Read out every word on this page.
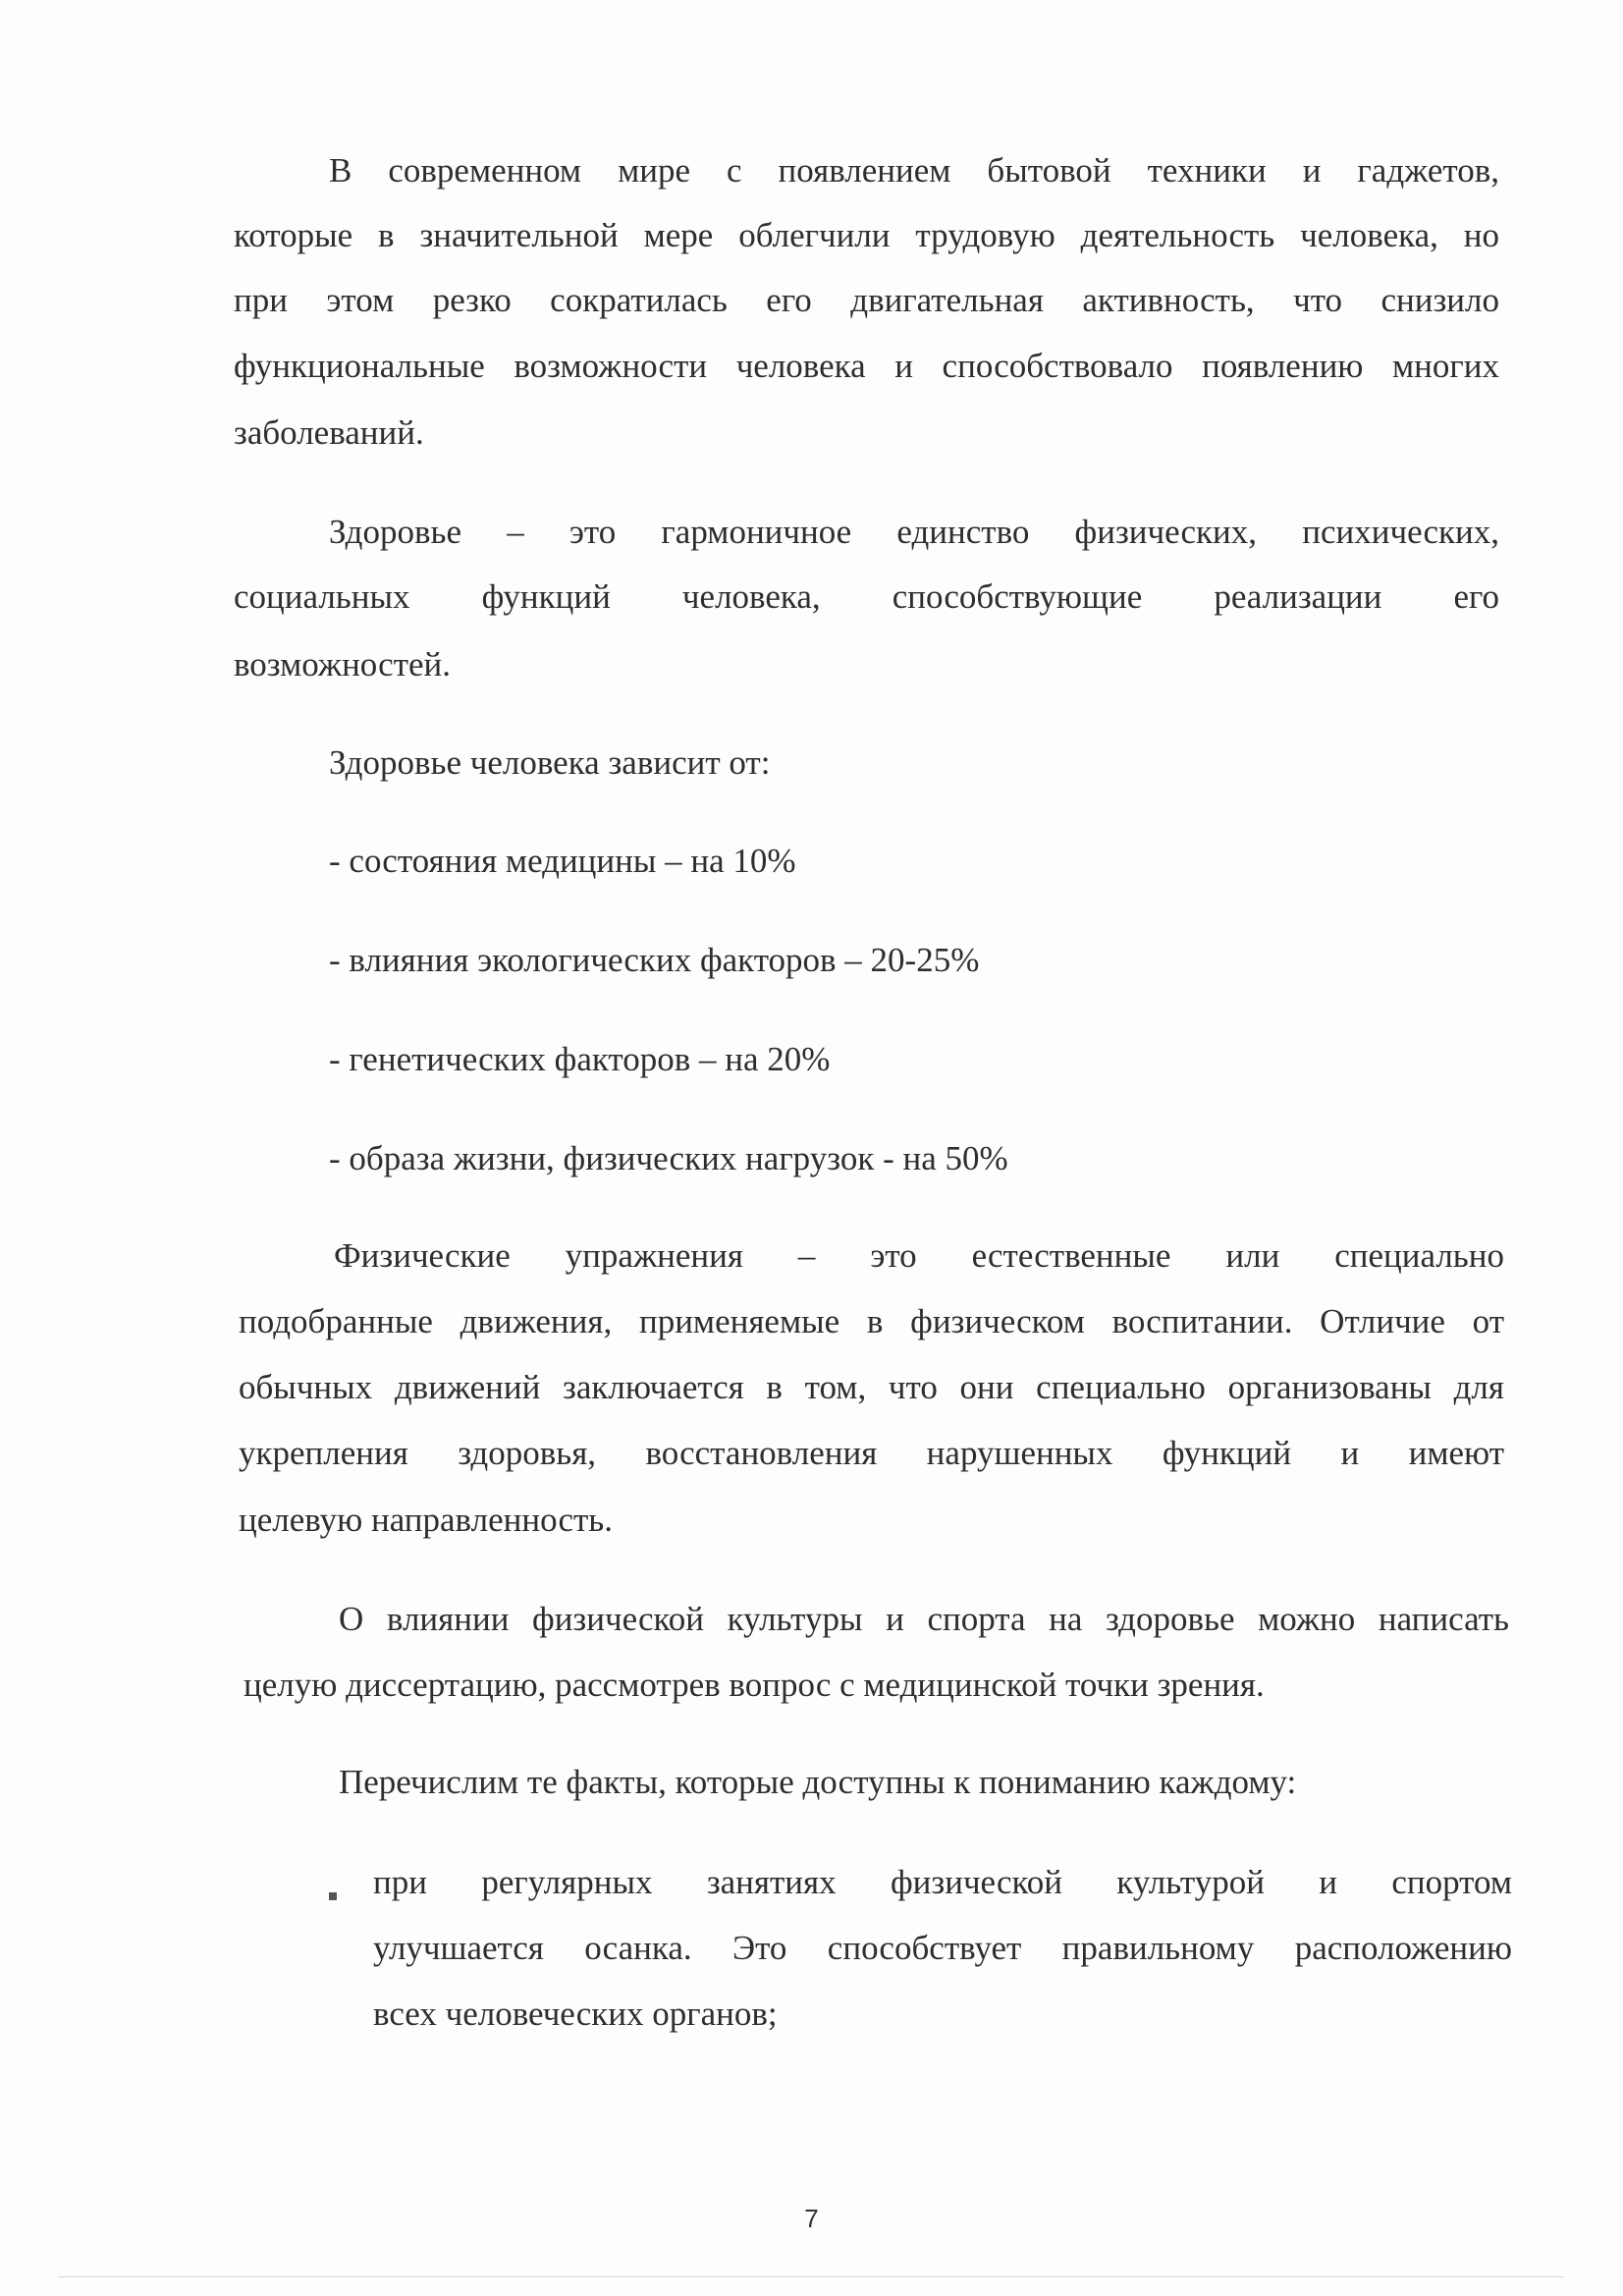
В современном мире с появлением бытовой техники и гаджетов,

которые в значительной мере облегчили трудовую деятельность человека, но

при этом резко сократилась его двигательная активность, что снизило

функциональные возможности человека и способствовало появлению многих

заболеваний.

Здоровье – это гармоничное единство физических, психических,

социальных функций человека, способствующие реализации его

возможностей.

Здоровье человека зависит от:

- состояния медицины – на 10%

- влияния экологических факторов – 20-25%

- генетических факторов – на 20%

- образа жизни, физических нагрузок - на 50%

Физические упражнения – это естественные или специально

подобранные движения, применяемые в физическом воспитании. Отличие от

обычных движений заключается в том, что они специально организованы для

укрепления здоровья, восстановления нарушенных функций и имеют

целевую направленность.

О влиянии физической культуры и спорта на здоровье можно написать

целую диссертацию, рассмотрев вопрос с медицинской точки зрения.

Перечислим те факты, которые доступны к пониманию каждому:

при регулярных занятиях физической культурой и спортом

улучшается осанка. Это способствует правильному расположению

всех человеческих органов;

7
